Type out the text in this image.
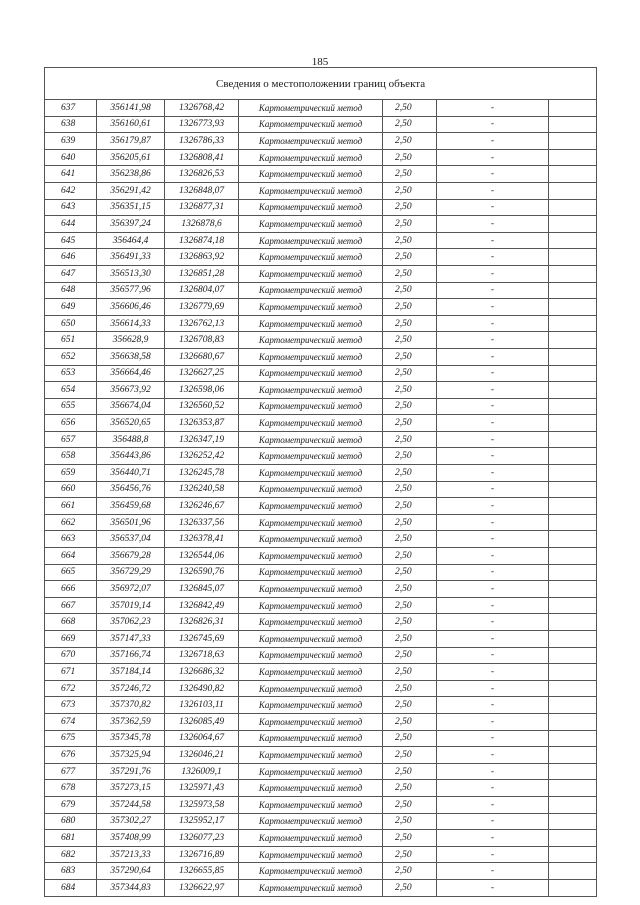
185
Сведения о местоположении границ объекта						
637	356141,98	1326768,42	Картометрический метод	2,50	-	
638	356160,61	1326773,93	Картометрический метод	2,50	-	
639	356179,87	1326786,33	Картометрический метод	2,50	-	
640	356205,61	1326808,41	Картометрический метод	2,50	-	
641	356238,86	1326826,53	Картометрический метод	2,50	-	
642	356291,42	1326848,07	Картометрический метод	2,50	-	
643	356351,15	1326877,31	Картометрический метод	2,50	-	
644	356397,24	1326878,6	Картометрический метод	2,50	-	
645	356464,4	1326874,18	Картометрический метод	2,50	-	
646	356491,33	1326863,92	Картометрический метод	2,50	-	
647	356513,30	1326851,28	Картометрический метод	2,50	-	
648	356577,96	1326804,07	Картометрический метод	2,50	-	
649	356606,46	1326779,69	Картометрический метод	2,50	-	
650	356614,33	1326762,13	Картометрический метод	2,50	-	
651	356628,9	1326708,83	Картометрический метод	2,50	-	
652	356638,58	1326680,67	Картометрический метод	2,50	-	
653	356664,46	1326627,25	Картометрический метод	2,50	-	
654	356673,92	1326598,06	Картометрический метод	2,50	-	
655	356674,04	1326560,52	Картометрический метод	2,50	-	
656	356520,65	1326353,87	Картометрический метод	2,50	-	
657	356488,8	1326347,19	Картометрический метод	2,50	-	
658	356443,86	1326252,42	Картометрический метод	2,50	-	
659	356440,71	1326245,78	Картометрический метод	2,50	-	
660	356456,76	1326240,58	Картометрический метод	2,50	-	
661	356459,68	1326246,67	Картометрический метод	2,50	-	
662	356501,96	1326337,56	Картометрический метод	2,50	-	
663	356537,04	1326378,41	Картометрический метод	2,50	-	
664	356679,28	1326544,06	Картометрический метод	2,50	-	
665	356729,29	1326590,76	Картометрический метод	2,50	-	
666	356972,07	1326845,07	Картометрический метод	2,50	-	
667	357019,14	1326842,49	Картометрический метод	2,50	-	
668	357062,23	1326826,31	Картометрический метод	2,50	-	
669	357147,33	1326745,69	Картометрический метод	2,50	-	
670	357166,74	1326718,63	Картометрический метод	2,50	-	
671	357184,14	1326686,32	Картометрический метод	2,50	-	
672	357246,72	1326490,82	Картометрический метод	2,50	-	
673	357370,82	1326103,11	Картометрический метод	2,50	-	
674	357362,59	1326085,49	Картометрический метод	2,50	-	
675	357345,78	1326064,67	Картометрический метод	2,50	-	
676	357325,94	1326046,21	Картометрический метод	2,50	-	
677	357291,76	1326009,1	Картометрический метод	2,50	-	
678	357273,15	1325971,43	Картометрический метод	2,50	-	
679	357244,58	1325973,58	Картометрический метод	2,50	-	
680	357302,27	1325952,17	Картометрический метод	2,50	-	
681	357408,99	1326077,23	Картометрический метод	2,50	-	
682	357213,33	1326716,89	Картометрический метод	2,50	-	
683	357290,64	1326655,85	Картометрический метод	2,50	-	
684	357344,83	1326622,97	Картометрический метод	2,50	-	
